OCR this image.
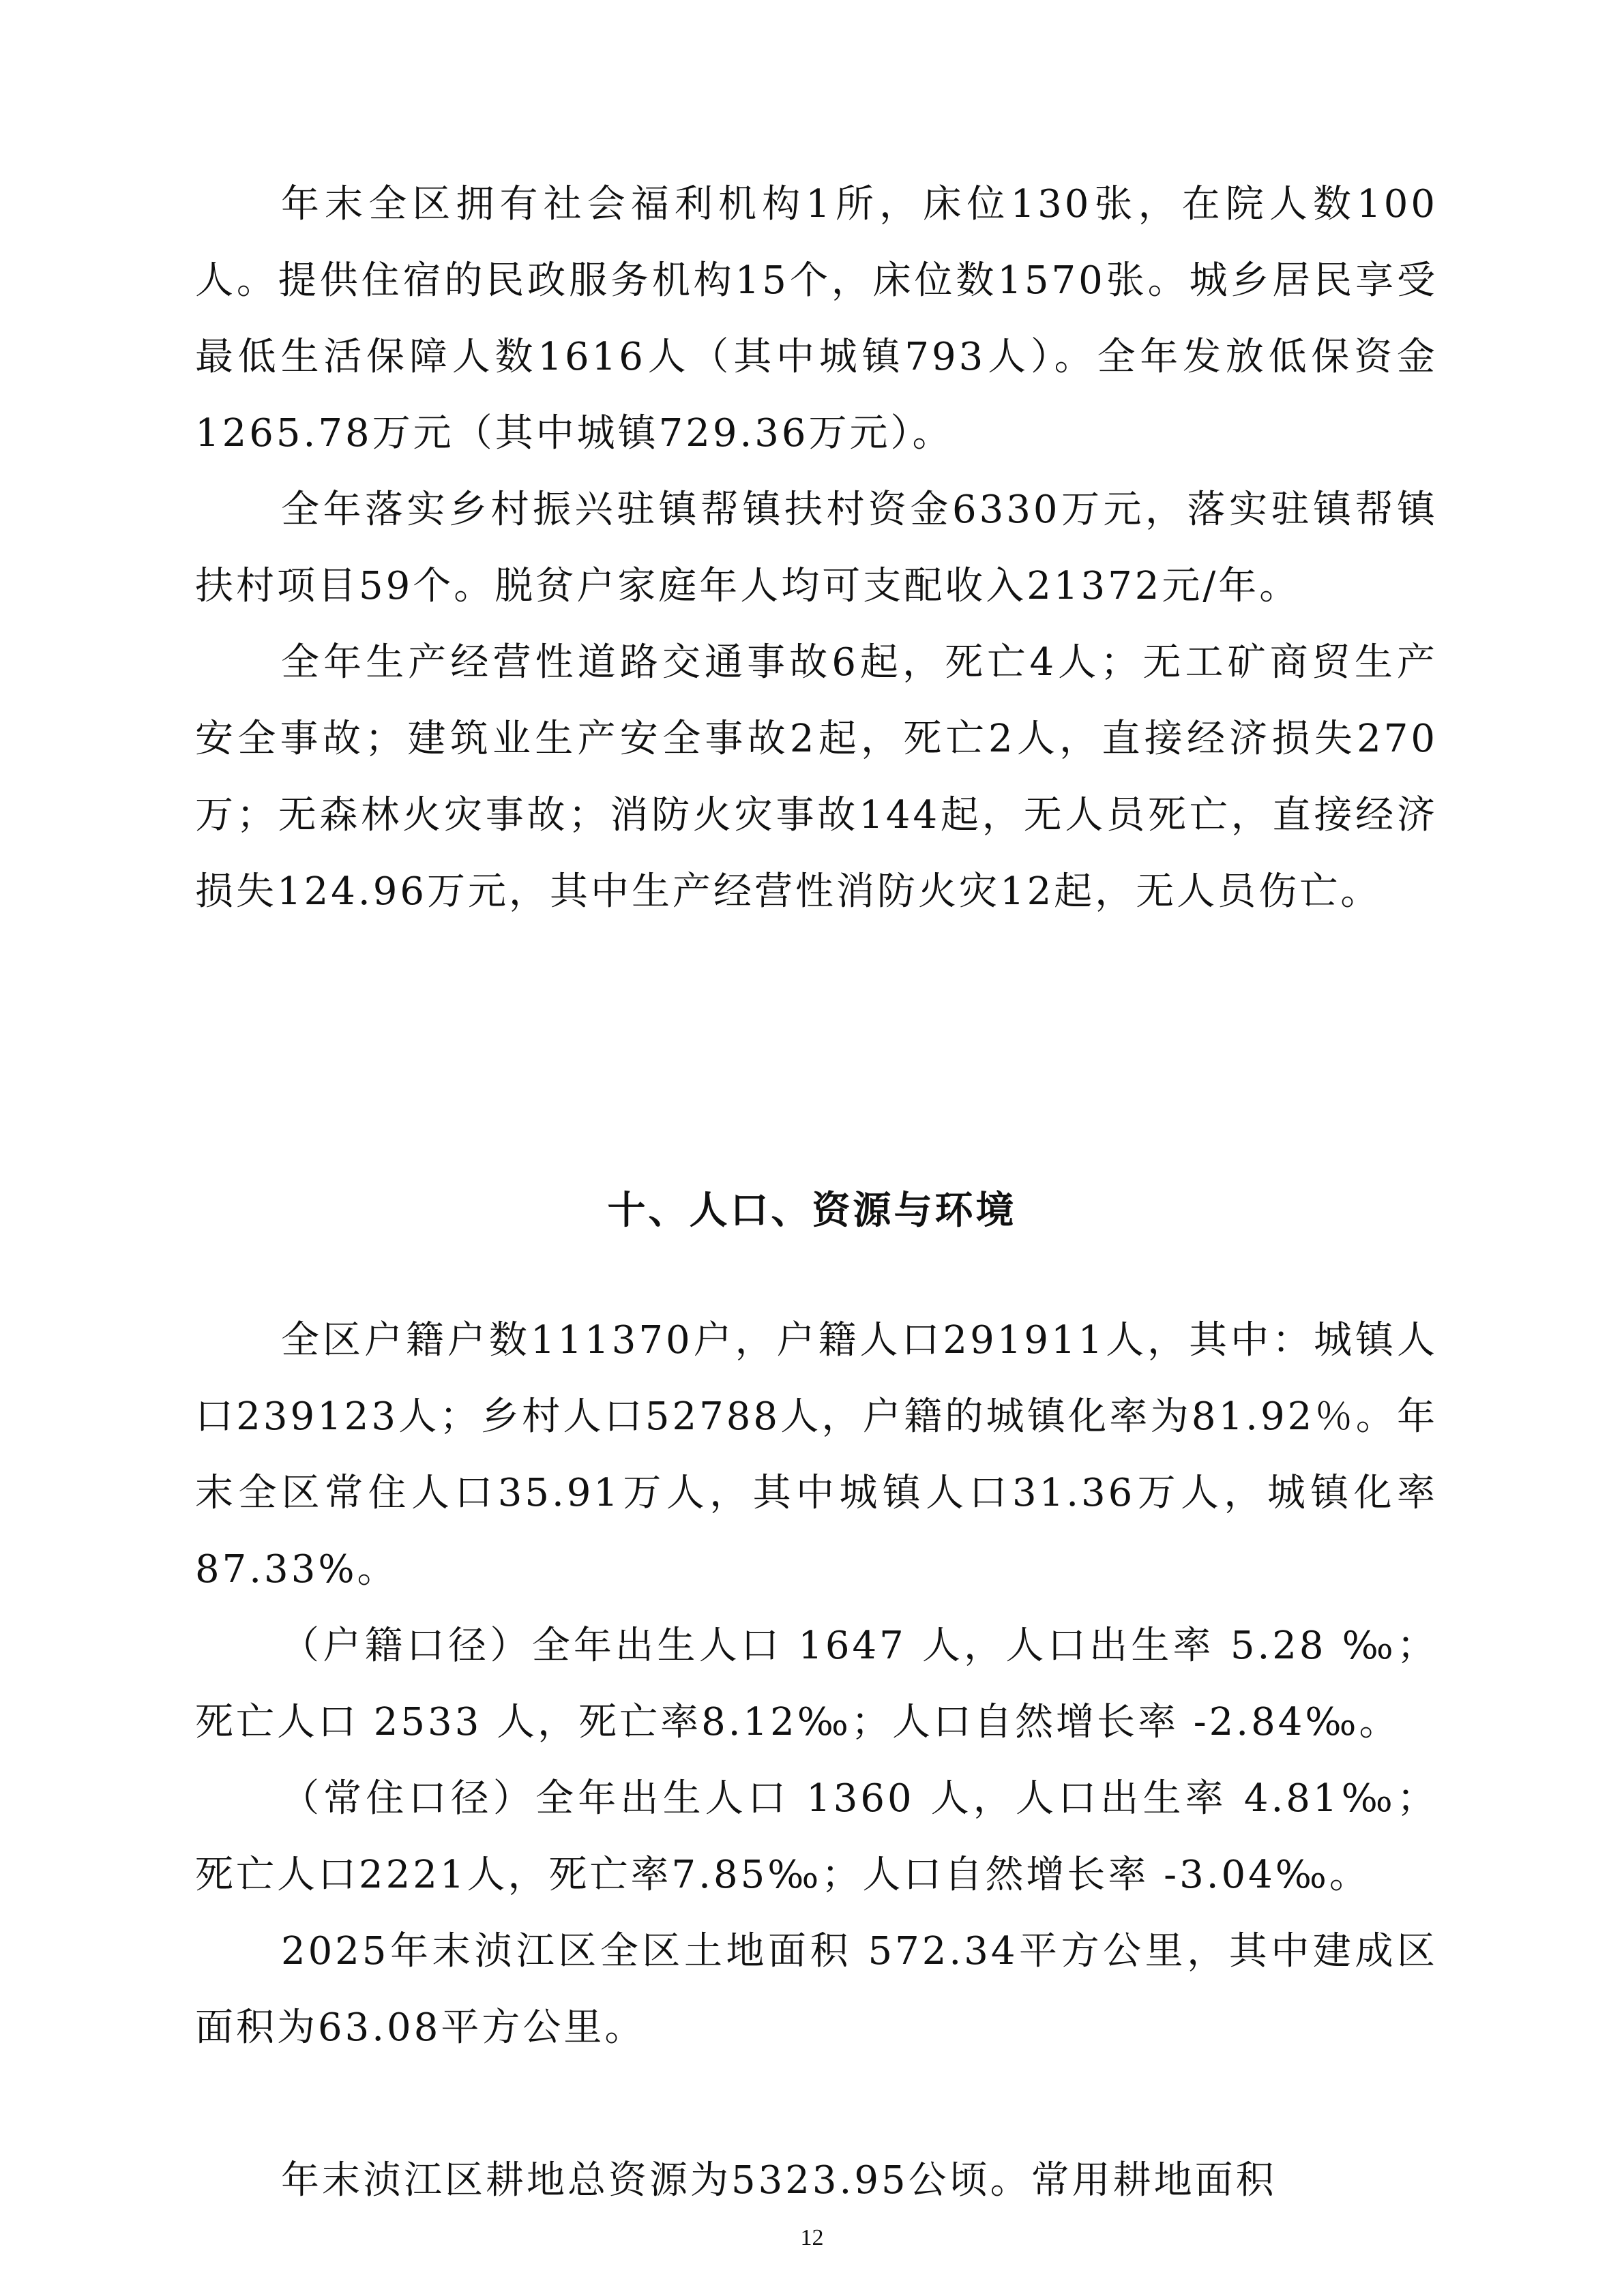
年末全区拥有社会福利机构1所，床位130张，在院人数100人。提供住宿的民政服务机构15个，床位数1570张。城乡居民享受最低生活保障人数1616人（其中城镇793人）。全年发放低保资金1265.78万元（其中城镇729.36万元）。

全年落实乡村振兴驻镇帮镇扶村资金6330万元，落实驻镇帮镇扶村项目59个。脱贫户家庭年人均可支配收入21372元/年。

全年生产经营性道路交通事故6起，死亡4人；无工矿商贸生产安全事故；建筑业生产安全事故2起，死亡2人，直接经济损失270万；无森林火灾事故；消防火灾事故144起，无人员死亡，直接经济损失124.96万元，其中生产经营性消防火灾12起，无人员伤亡。

十、人口、资源与环境

全区户籍户数111370户，户籍人口291911人，其中：城镇人口239123人；乡村人口52788人，户籍的城镇化率为81.92％。年末全区常住人口35.91万人，其中城镇人口31.36万人，城镇化率87.33%。

（户籍口径）全年出生人口 1647 人，人口出生率 5.28 ‰；死亡人口 2533 人，死亡率8.12‰；人口自然增长率 -2.84‰。

（常住口径）全年出生人口 1360 人，人口出生率 4.81‰；死亡人口2221人，死亡率7.85‰；人口自然增长率 -3.04‰。

2025年末浈江区全区土地面积 572.34平方公里，其中建成区面积为63.08平方公里。

年末浈江区耕地总资源为5323.95公顷。常用耕地面积

12
